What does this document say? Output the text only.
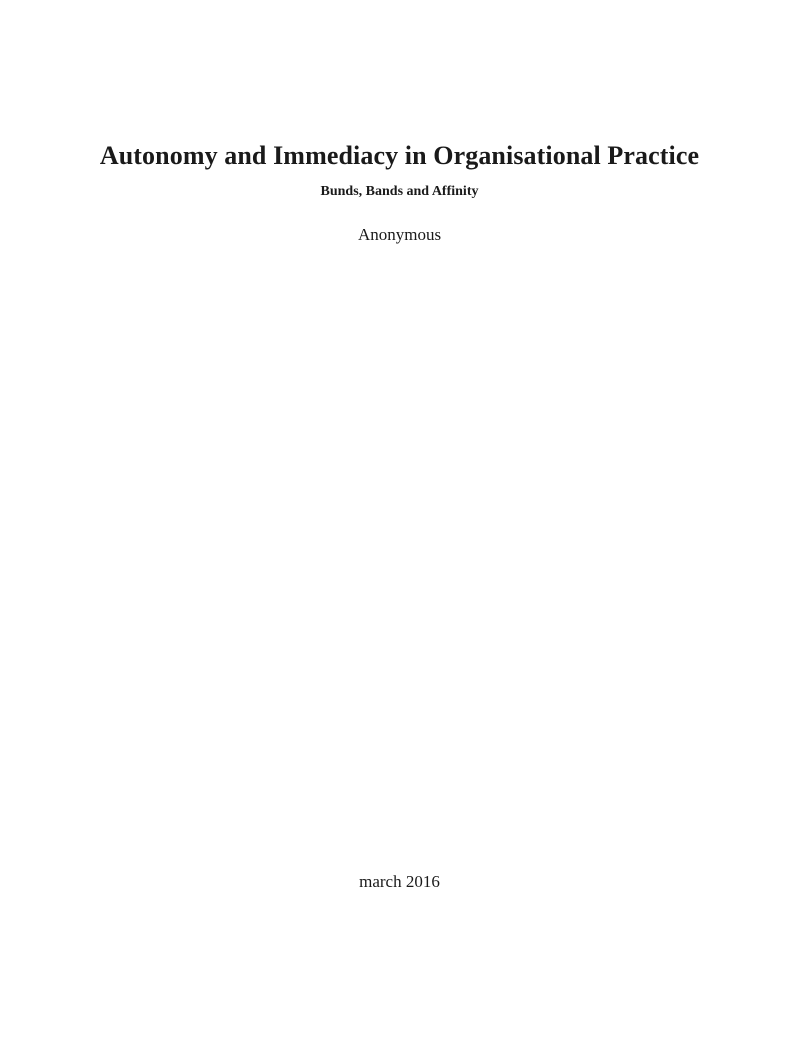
Autonomy and Immediacy in Organisational Practice
Bunds, Bands and Affinity
Anonymous
march 2016
